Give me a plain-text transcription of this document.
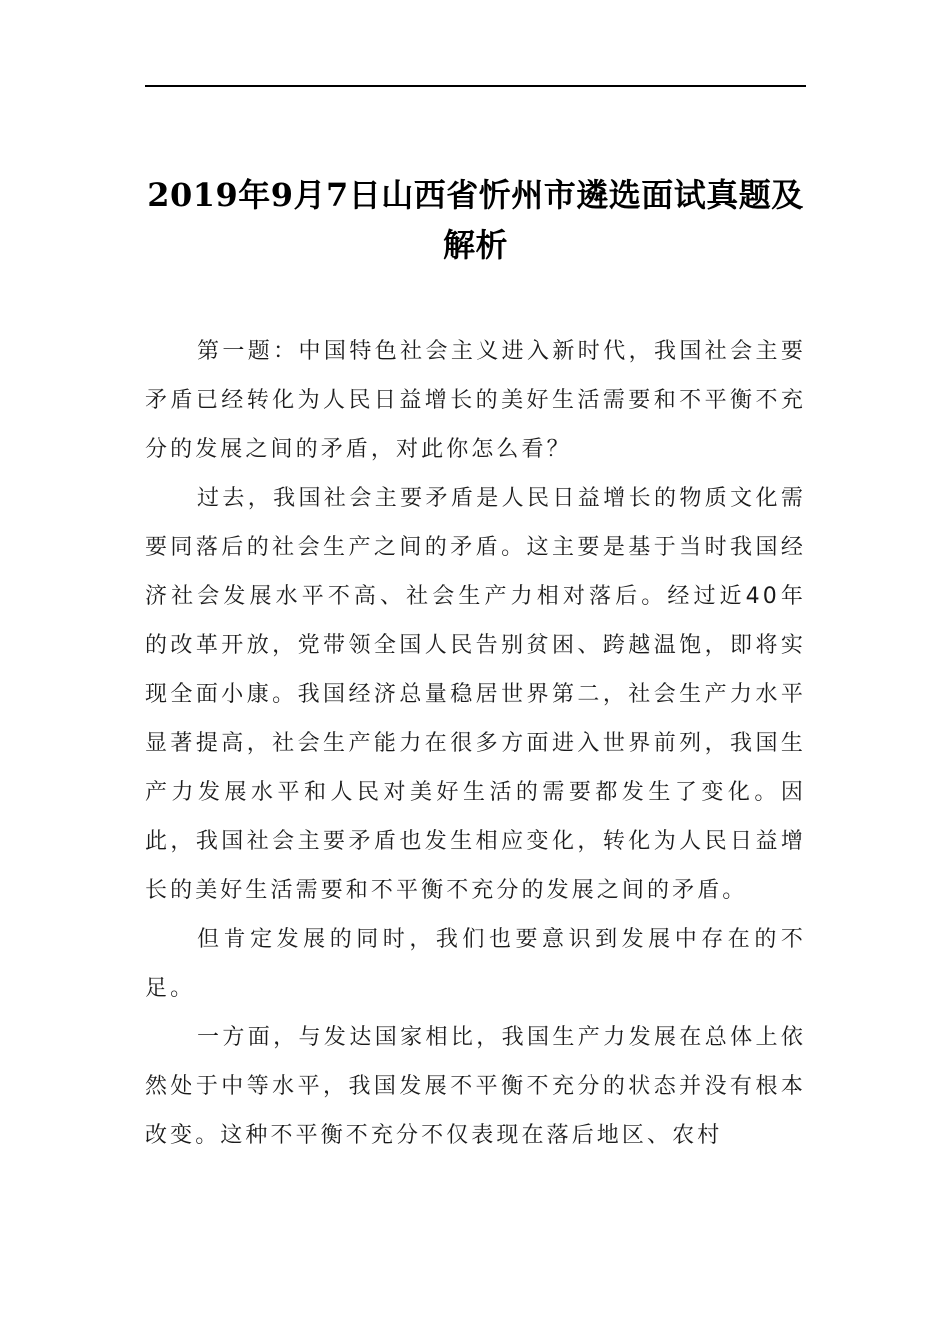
2019年9月7日山西省忻州市遴选面试真题及解析

第一题：中国特色社会主义进入新时代，我国社会主要矛盾已经转化为人民日益增长的美好生活需要和不平衡不充分的发展之间的矛盾，对此你怎么看？

过去，我国社会主要矛盾是人民日益增长的物质文化需要同落后的社会生产之间的矛盾。这主要是基于当时我国经济社会发展水平不高、社会生产力相对落后。经过近40年的改革开放，党带领全国人民告别贫困、跨越温饱，即将实现全面小康。我国经济总量稳居世界第二，社会生产力水平显著提高，社会生产能力在很多方面进入世界前列，我国生产力发展水平和人民对美好生活的需要都发生了变化。因此，我国社会主要矛盾也发生相应变化，转化为人民日益增长的美好生活需要和不平衡不充分的发展之间的矛盾。

但肯定发展的同时，我们也要意识到发展中存在的不足。

一方面，与发达国家相比，我国生产力发展在总体上依然处于中等水平，我国发展不平衡不充分的状态并没有根本改变。这种不平衡不充分不仅表现在落后地区、农村
